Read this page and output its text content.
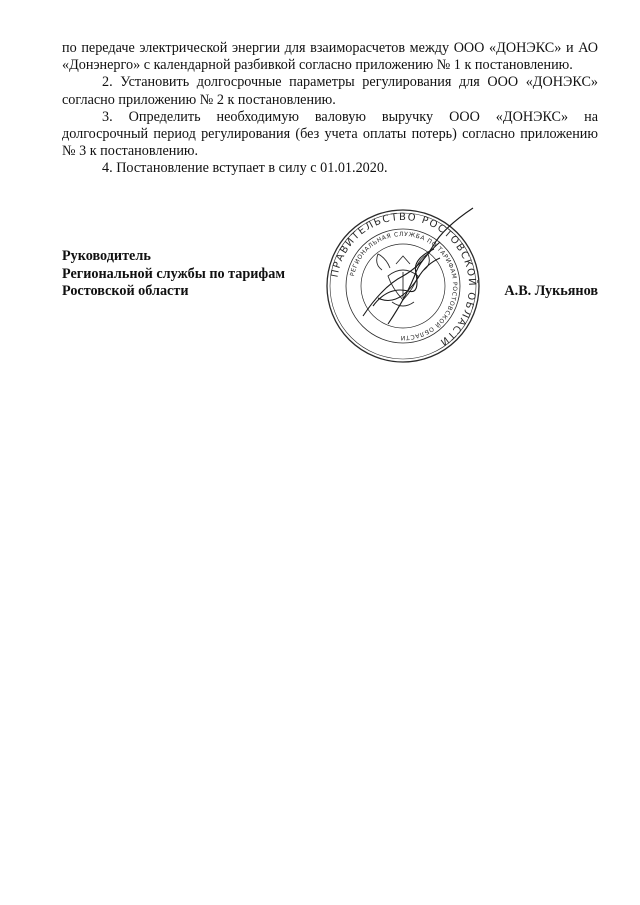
по передаче электрической энергии для взаиморасчетов между ООО «ДОНЭКС» и АО «Донэнерго» с календарной разбивкой согласно приложению № 1 к постановлению.

2. Установить долгосрочные параметры регулирования для ООО «ДОНЭКС» согласно приложению № 2 к постановлению.

3. Определить необходимую валовую выручку ООО «ДОНЭКС» на долгосрочный период регулирования (без учета оплаты потерь) согласно приложению № 3 к постановлению.

4. Постановление вступает в силу с 01.01.2020.

Руководитель
Региональной службы по тарифам
Ростовской области	А.В. Лукьянов
ПРАВИТЕЛЬСТВО РОСТОВСКОЙ ОБЛАСТИ
РЕГИОНАЛЬНАЯ СЛУЖБА ПО ТАРИФАМ РОСТОВСКОЙ ОБЛАСТИ
